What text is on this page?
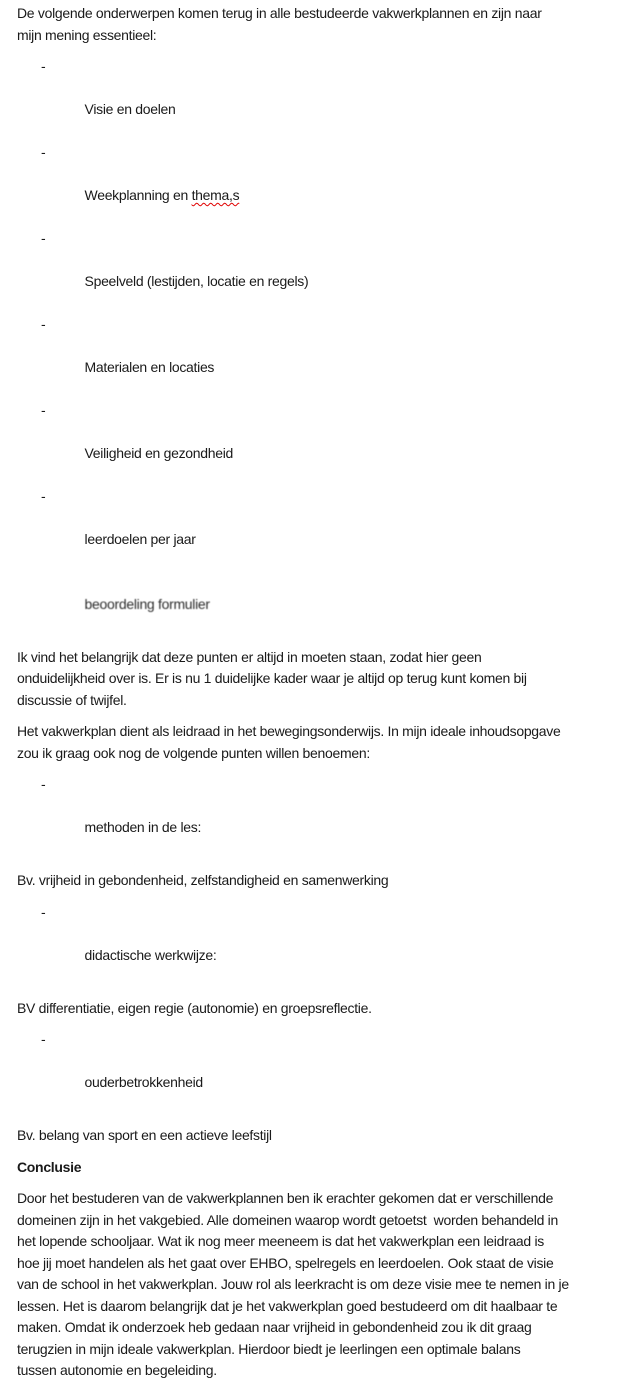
De volgende onderwerpen komen terug in alle bestudeerde vakwerkplannen en zijn naar
mijn mening essentieel:

-

Visie en doelen

-

Weekplanning en thema,s

-

Speelveld (lestijden, locatie en regels)

-

Materialen en locaties

-

Veiligheid en gezondheid

-

leerdoelen per jaar

beoordeling formulier

Ik vind het belangrijk dat deze punten er altijd in moeten staan, zodat hier geen
onduidelijkheid over is. Er is nu 1 duidelijke kader waar je altijd op terug kunt komen bij
discussie of twijfel.
Het vakwerkplan dient als leidraad in het bewegingsonderwijs. In mijn ideale inhoudsopgave
zou ik graag ook nog de volgende punten willen benoemen:

-

methoden in de les:

Bv. vrijheid in gebondenheid, zelfstandigheid en samenwerking

-

didactische werkwijze:

BV differentiatie, eigen regie (autonomie) en groepsreflectie.

-

ouderbetrokkenheid

Bv. belang van sport en een actieve leefstijl
Conclusie
Door het bestuderen van de vakwerkplannen ben ik erachter gekomen dat er verschillende
domeinen zijn in het vakgebied. Alle domeinen waarop wordt getoetst  worden behandeld in
het lopende schooljaar. Wat ik nog meer meeneem is dat het vakwerkplan een leidraad is
hoe jij moet handelen als het gaat over EHBO, spelregels en leerdoelen. Ook staat de visie
van de school in het vakwerkplan. Jouw rol als leerkracht is om deze visie mee te nemen in je
lessen. Het is daarom belangrijk dat je het vakwerkplan goed bestudeerd om dit haalbaar te
maken. Omdat ik onderzoek heb gedaan naar vrijheid in gebondenheid zou ik dit graag
terugzien in mijn ideale vakwerkplan. Hierdoor biedt je leerlingen een optimale balans
tussen autonomie en begeleiding.
